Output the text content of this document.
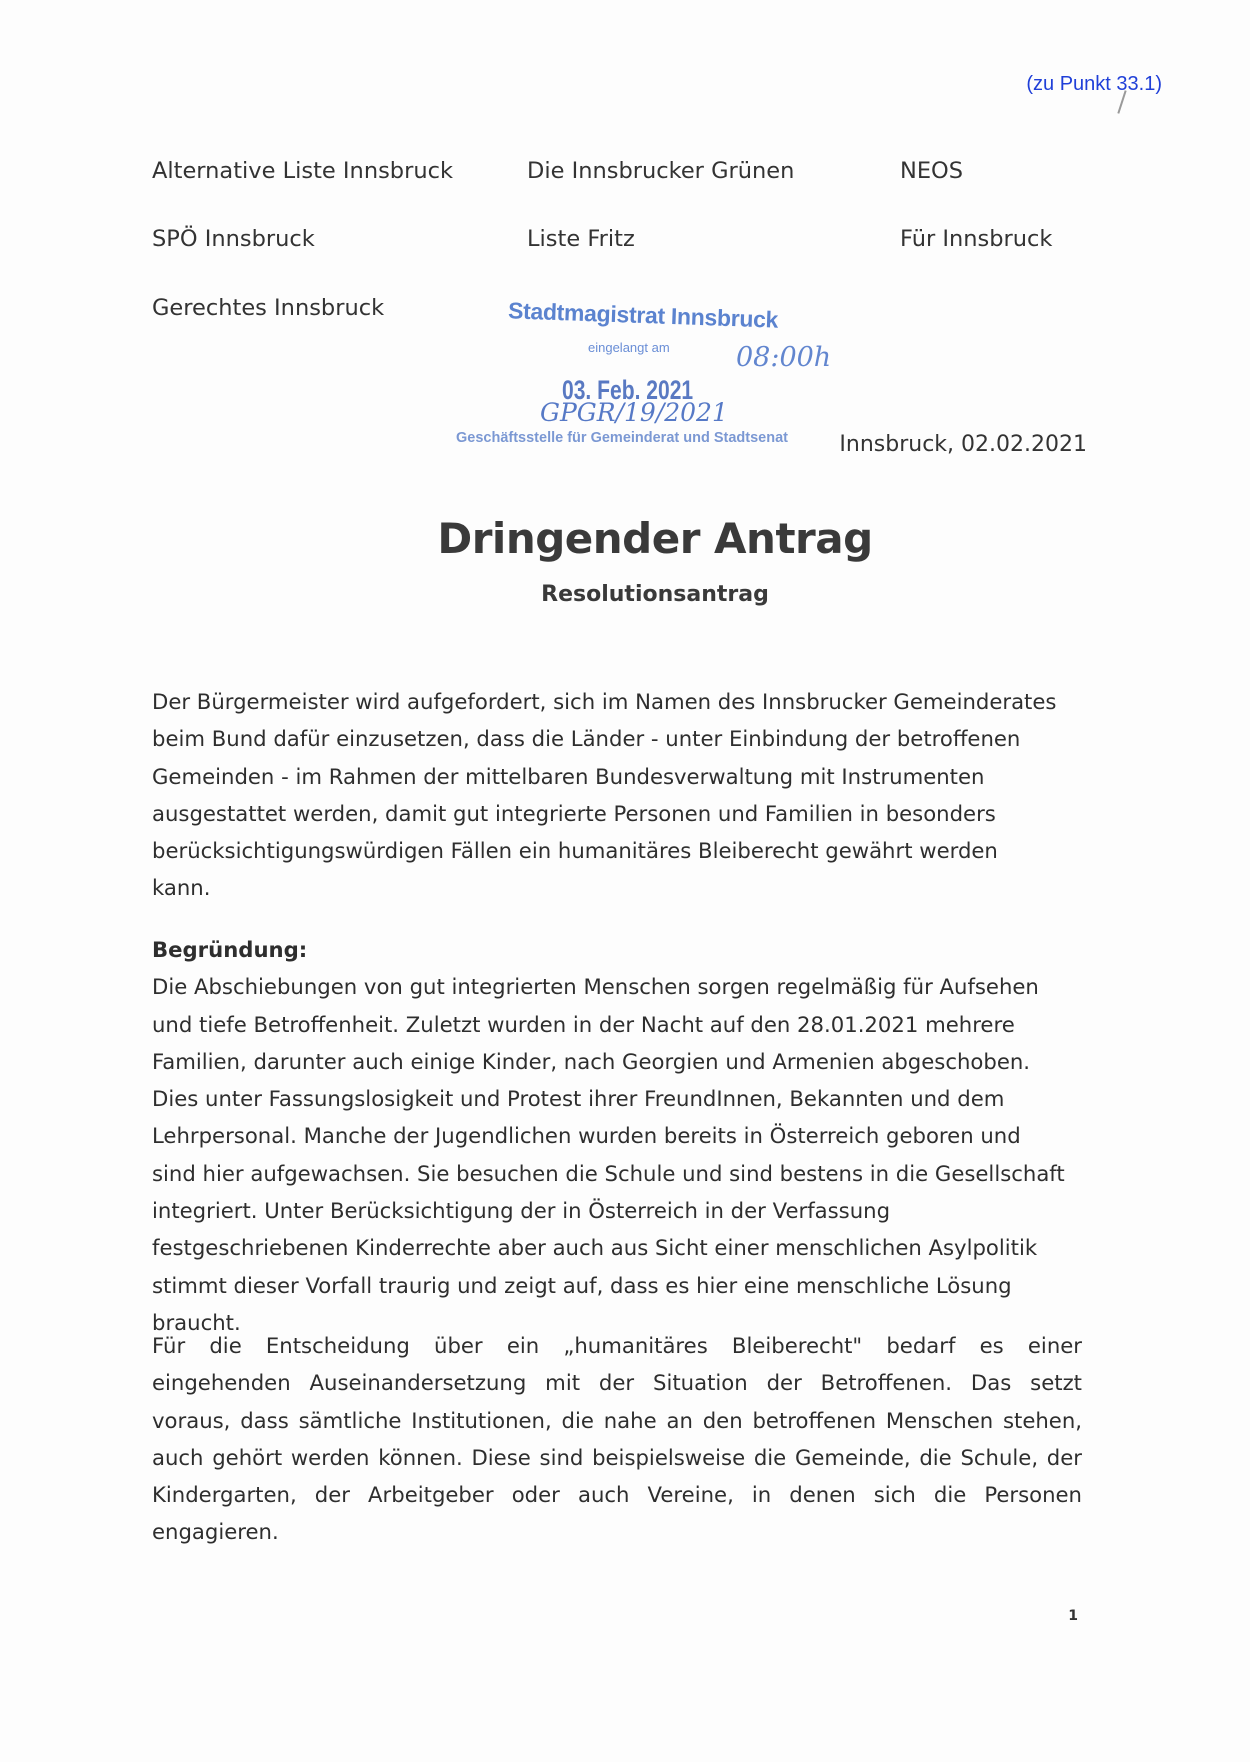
(zu Punkt 33.1)
Alternative Liste Innsbruck	Die Innsbrucker Grünen	NEOS
SPÖ Innsbruck	Liste Fritz	Für Innsbruck
Gerechtes Innsbruck	Stadtmagistrat Innsbruck
eingelangt am 08:00h
03. Feb. 2021
GPGR/19/2021
Geschäftsstelle für Gemeinderat und Stadtsenat Innsbruck, 02.02.2021
Dringender Antrag
Resolutionsantrag
Der Bürgermeister wird aufgefordert, sich im Namen des Innsbrucker Gemeinderates
beim Bund dafür einzusetzen, dass die Länder - unter Einbindung der betroffenen
Gemeinden - im Rahmen der mittelbaren Bundesverwaltung mit Instrumenten
ausgestattet werden, damit gut integrierte Personen und Familien in besonders
berücksichtigungswürdigen Fällen ein humanitäres Bleiberecht gewährt werden
kann.
Begründung:
Die Abschiebungen von gut integrierten Menschen sorgen regelmäßig für Aufsehen
und tiefe Betroffenheit. Zuletzt wurden in der Nacht auf den 28.01.2021 mehrere
Familien, darunter auch einige Kinder, nach Georgien und Armenien abgeschoben.
Dies unter Fassungslosigkeit und Protest ihrer FreundInnen, Bekannten und dem
Lehrpersonal. Manche der Jugendlichen wurden bereits in Österreich geboren und
sind hier aufgewachsen. Sie besuchen die Schule und sind bestens in die Gesellschaft
integriert. Unter Berücksichtigung der in Österreich in der Verfassung
festgeschriebenen Kinderrechte aber auch aus Sicht einer menschlichen Asylpolitik
stimmt dieser Vorfall traurig und zeigt auf, dass es hier eine menschliche Lösung
braucht.
Für die Entscheidung über ein „humanitäres Bleiberecht" bedarf es einer
eingehenden Auseinandersetzung mit der Situation der Betroffenen. Das setzt
voraus, dass sämtliche Institutionen, die nahe an den betroffenen Menschen stehen,
auch gehört werden können. Diese sind beispielsweise die Gemeinde, die Schule, der
Kindergarten, der Arbeitgeber oder auch Vereine, in denen sich die Personen
engagieren.
1
